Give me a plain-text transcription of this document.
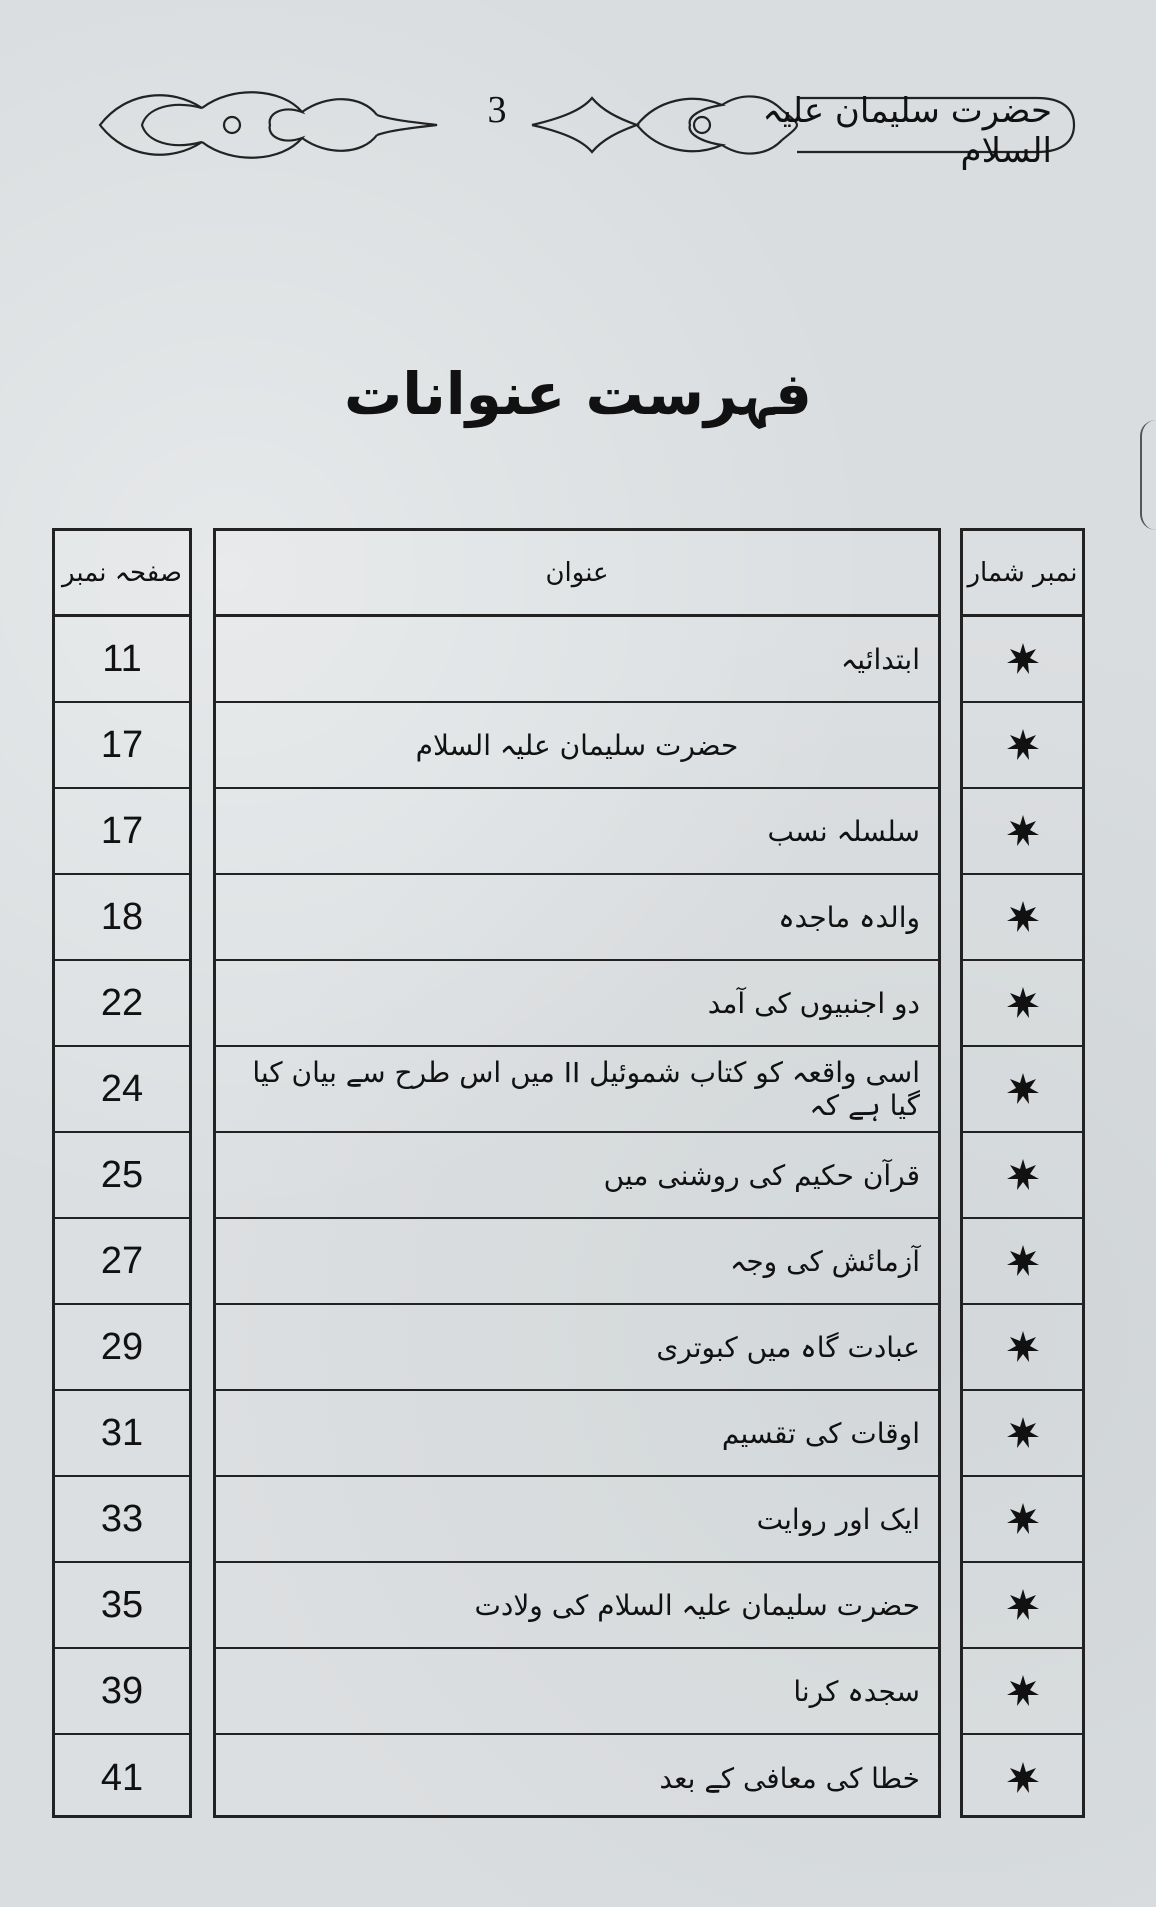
3	حضرت سلیمان علیہ السلام
فہرست عنوانات
صفحہ نمبر
11
17
17
18
22
24
25
27
29
31
33
35
39
41
عنوان
ابتدائیہ
حضرت سلیمان علیہ السلام
سلسلہ نسب
والدہ ماجدہ
دو اجنبیوں کی آمد
اسی واقعہ کو کتاب شموئیل II میں اس طرح سے بیان کیا گیا ہے کہ
قرآن حکیم کی روشنی میں
آزمائش کی وجہ
عبادت گاہ میں کبوتری
اوقات کی تقسیم
ایک اور روایت
حضرت سلیمان علیہ السلام کی ولادت
سجدہ کرنا
خطا کی معافی کے بعد
نمبر شمار
